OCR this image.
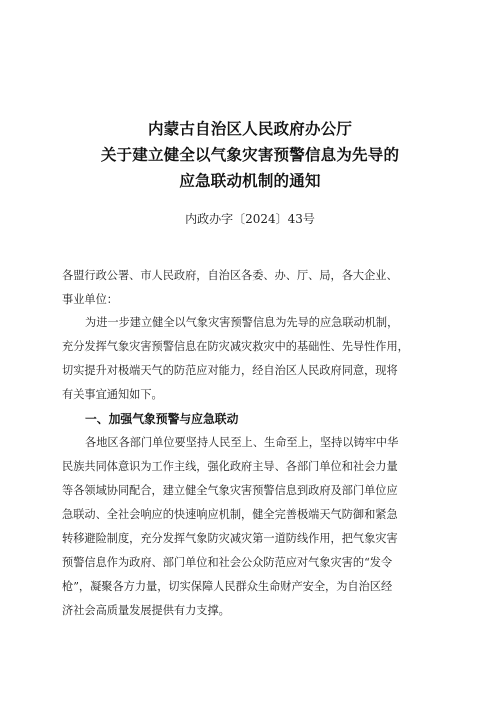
内蒙古自治区人民政府办公厅
关于建立健全以气象灾害预警信息为先导的
应急联动机制的通知
内政办字〔2024〕43号
各盟行政公署、市人民政府，自治区各委、办、厅、局，各大企业、
事业单位：
为进一步建立健全以气象灾害预警信息为先导的应急联动机制，
充分发挥气象灾害预警信息在防灾减灾救灾中的基础性、先导性作用，
切实提升对极端天气的防范应对能力，经自治区人民政府同意，现将
有关事宜通知如下。
一、加强气象预警与应急联动
各地区各部门单位要坚持人民至上、生命至上，坚持以铸牢中华
民族共同体意识为工作主线，强化政府主导、各部门单位和社会力量
等各领域协同配合，建立健全气象灾害预警信息到政府及部门单位应
急联动、全社会响应的快速响应机制，健全完善极端天气防御和紧急
转移避险制度，充分发挥气象防灾减灾第一道防线作用，把气象灾害
预警信息作为政府、部门单位和社会公众防范应对气象灾害的“发令
枪”，凝聚各方力量，切实保障人民群众生命财产安全，为自治区经
济社会高质量发展提供有力支撑。
